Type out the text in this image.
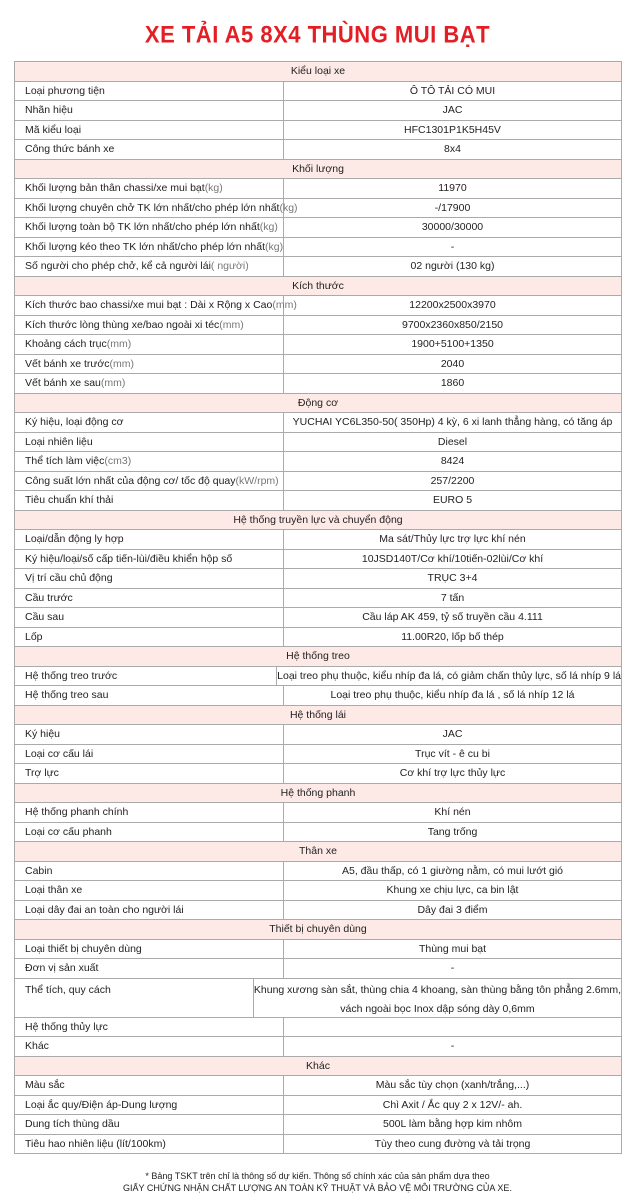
XE TẢI A5 8X4 THÙNG MUI BẠT
Kiểu loại xe
Loại phương tiện	Ô TÔ TẢI CÓ MUI
Nhãn hiệu	JAC
Mã kiểu loại	HFC1301P1K5H45V
Công thức bánh xe	8x4
Khối lượng
Khối lượng bản thân chassi/xe mui bạt(kg)	11970
Khối lượng chuyên chở TK lớn nhất/cho phép lớn nhất(kg)	-/17900
Khối lượng toàn bộ TK lớn nhất/cho phép lớn nhất(kg)	30000/30000
Khối lượng kéo theo TK lớn nhất/cho phép lớn nhất(kg)	-
Số người cho phép chở, kể cả người lái( người)	02 người (130 kg)
Kích thước
Kích thước bao chassi/xe mui bạt : Dài x Rộng x Cao(mm)	12200x2500x3970
Kích thước lòng thùng xe/bao ngoài xi téc(mm)	9700x2360x850/2150
Khoảng cách trục(mm)	1900+5100+1350
Vết bánh xe trước(mm)	2040
Vết bánh xe sau(mm)	1860
Động cơ
Ký hiệu, loại động cơ	YUCHAI YC6L350-50( 350Hp) 4 kỳ, 6 xi lanh thẳng hàng, có tăng áp
Loại nhiên liệu	Diesel
Thể tích làm việc(cm3)	8424
Công suất lớn nhất của động cơ/ tốc độ quay(kW/rpm)	257/2200
Tiêu chuẩn khí thải	EURO 5
Hệ thống truyền lực và chuyển động
Loại/dẫn động ly hợp	Ma sát/Thủy lực trợ lực khí nén
Ký hiệu/loại/số cấp tiến-lùi/điều khiển hộp số	10JSD140T/Cơ khí/10tiến-02lùi/Cơ khí
Vị trí cầu chủ động	TRỤC 3+4
Cầu trước	7 tấn
Cầu sau	Cầu láp AK 459, tỷ số truyền cầu 4.111
Lốp	11.00R20, lốp bố thép
Hệ thống treo
Hệ thống treo trước	Loại treo phụ thuộc, kiểu nhíp đa lá, có giảm chấn thủy lực, số lá nhíp 9 lá
Hệ thống treo sau	Loại treo phụ thuộc, kiểu nhíp đa lá , số lá nhíp 12 lá
Hệ thống lái
Ký hiệu	JAC
Loại cơ cấu lái	Trục vít - ê cu bi
Trợ lực	Cơ khí trợ lực thủy lực
Hệ thống phanh
Hệ thống phanh chính	Khí nén
Loại cơ cấu phanh	Tang trống
Thân xe
Cabin	A5, đầu thấp, có 1 giường nằm, có mui lướt gió
Loại thân xe	Khung xe chịu lực, ca bin lật
Loại dây đai an toàn cho người lái	Dây đai 3 điểm
Thiết bị chuyên dùng
Loại thiết bị chuyên dùng	Thùng mui bạt
Đơn vị sản xuất	-
Thể tích, quy cách	Khung xương sàn sắt, thùng chia 4 khoang, sàn thùng bằng tôn phẳng 2.6mm,
vách ngoài bọc Inox dập sóng dày 0,6mm
Hệ thống thủy lực
Khác	-
Khác
Màu sắc	Màu sắc tùy chọn (xanh/trắng,...)
Loại ắc quy/Điện áp-Dung lượng	Chì Axit / Ắc quy 2 x 12V/- ah.
Dung tích thùng dầu	500L làm bằng hợp kim nhôm
Tiêu hao nhiên liệu (lít/100km)	Tùy theo cung đường và tải trọng
* Bảng TSKT trên chỉ là thông số dự kiến. Thông số chính xác của sản phẩm dựa theo
GIẤY CHỨNG NHẬN CHẤT LƯỢNG AN TOÀN KỸ THUẬT VÀ BẢO VỆ MÔI TRƯỜNG CỦA XE.
